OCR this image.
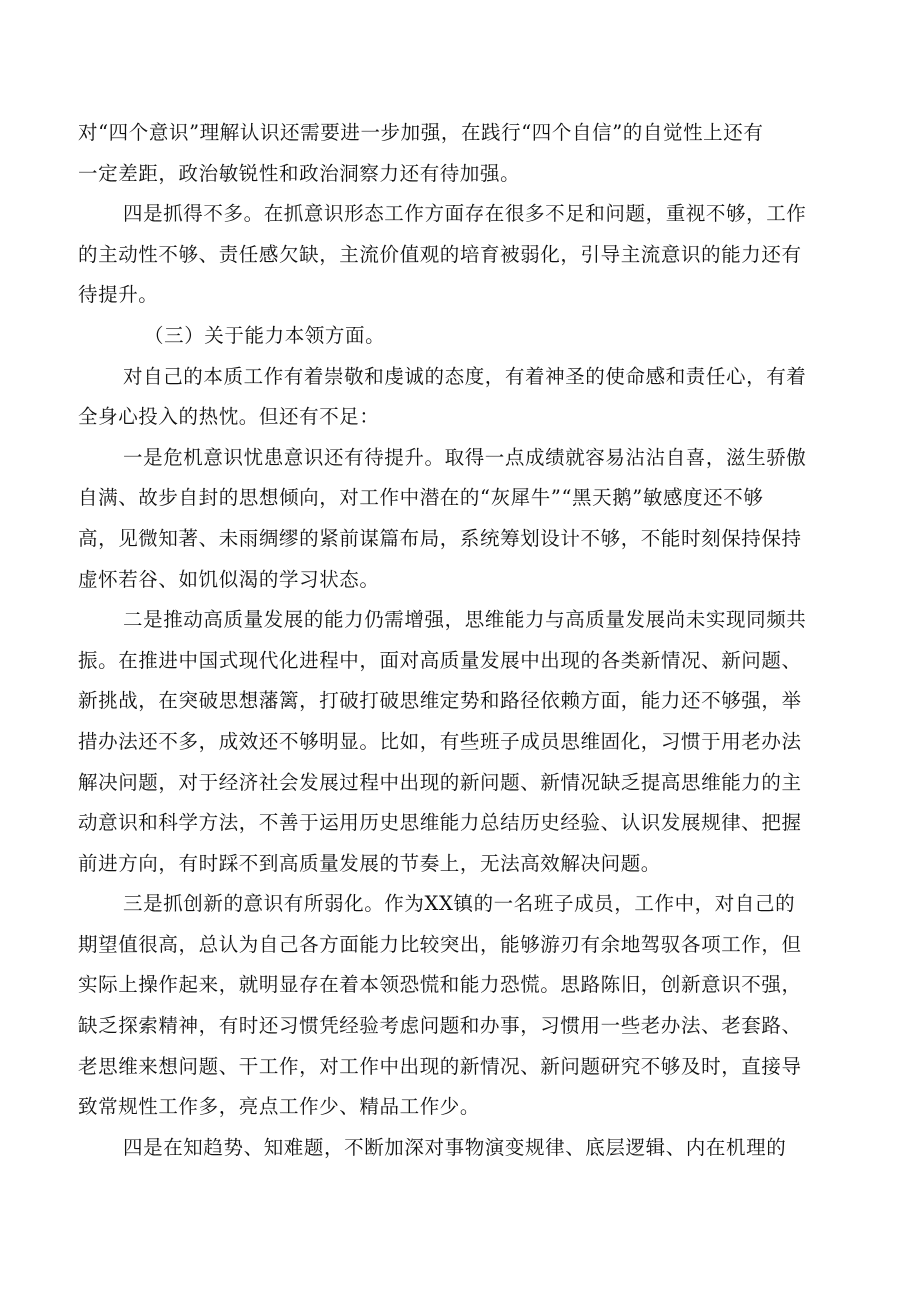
对“四个意识”理解认识还需要进一步加强，在践行“四个自信”的自觉性上还有
一定差距，政治敏锐性和政治洞察力还有待加强。
四是抓得不多。在抓意识形态工作方面存在很多不足和问题，重视不够，工作
的主动性不够、责任感欠缺，主流价值观的培育被弱化，引导主流意识的能力还有
待提升。
（三）关于能力本领方面。
对自己的本质工作有着崇敬和虔诚的态度，有着神圣的使命感和责任心，有着
全身心投入的热忱。但还有不足：
一是危机意识忧患意识还有待提升。取得一点成绩就容易沾沾自喜，滋生骄傲
自满、故步自封的思想倾向，对工作中潜在的“灰犀牛”“黑天鹅”敏感度还不够
高，见微知著、未雨绸缪的紧前谋篇布局，系统筹划设计不够，不能时刻保持保持
虚怀若谷、如饥似渴的学习状态。
二是推动高质量发展的能力仍需增强，思维能力与高质量发展尚未实现同频共
振。在推进中国式现代化进程中，面对高质量发展中出现的各类新情况、新问题、
新挑战，在突破思想藩篱，打破打破思维定势和路径依赖方面，能力还不够强，举
措办法还不多，成效还不够明显。比如，有些班子成员思维固化，习惯于用老办法
解决问题，对于经济社会发展过程中出现的新问题、新情况缺乏提高思维能力的主
动意识和科学方法，不善于运用历史思维能力总结历史经验、认识发展规律、把握
前进方向，有时踩不到高质量发展的节奏上，无法高效解决问题。
三是抓创新的意识有所弱化。作为XX镇的一名班子成员，工作中，对自己的
期望值很高，总认为自己各方面能力比较突出，能够游刃有余地驾驭各项工作，但
实际上操作起来，就明显存在着本领恐慌和能力恐慌。思路陈旧，创新意识不强，
缺乏探索精神，有时还习惯凭经验考虑问题和办事，习惯用一些老办法、老套路、
老思维来想问题、干工作，对工作中出现的新情况、新问题研究不够及时，直接导
致常规性工作多，亮点工作少、精品工作少。
四是在知趋势、知难题，不断加深对事物演变规律、底层逻辑、内在机理的
